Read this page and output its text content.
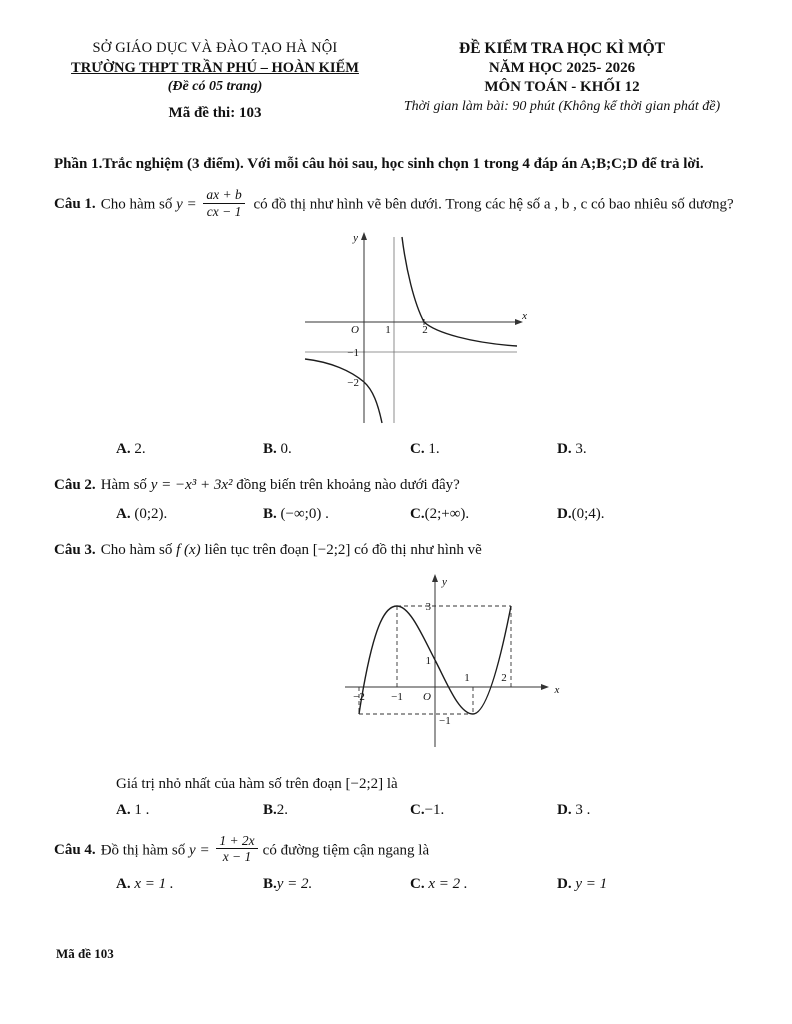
SỞ GIÁO DỤC VÀ ĐÀO TẠO HÀ NỘI
TRƯỜNG THPT TRẦN PHÚ – HOÀN KIẾM
(Đề có 05 trang)
Mã đề thi: 103
ĐỀ KIỂM TRA HỌC KÌ MỘT
NĂM HỌC 2025- 2026
MÔN TOÁN - KHỐI 12
Thời gian làm bài: 90 phút (Không kể thời gian phát đề)
Phần 1.Trắc nghiệm (3 điểm). Với mỗi câu hỏi sau, học sinh chọn 1 trong 4 đáp án A;B;C;D để trả lời.

Câu 1. Cho hàm số $y = \frac{ax + b}{cx - 1}$ có đồ thị như hình vẽ bên dưới. Trong các hệ số a , b , c có bao nhiêu số dương?

y
x
O 1	2
−1
−2
A. 2.	B. 0.	C. 1.	D. 3.

Câu 2. Hàm số y = −x³ + 3x² đồng biến trên khoảng nào dưới đây?

A. (0;2).	B. (−∞;0) .	C.(2;+∞).	D.(0;4).

Câu 3. Cho hàm số f (x) liên tục trên đoạn [−2;2] có đồ thị như hình vẽ

y
x
3
1
−2 −1 O
1	2
−1

Giá trị nhỏ nhất của hàm số trên đoạn [−2;2] là

A. 1 .	B.2.	C.−1.	D. 3 .

Câu 4. Đồ thị hàm số $y = \frac{1 + 2x}{x - 1}$ có đường tiệm cận ngang là

A. x = 1 .	B.y = 2.	C. x = 2 .	D. y = 1
Mã đề 103
